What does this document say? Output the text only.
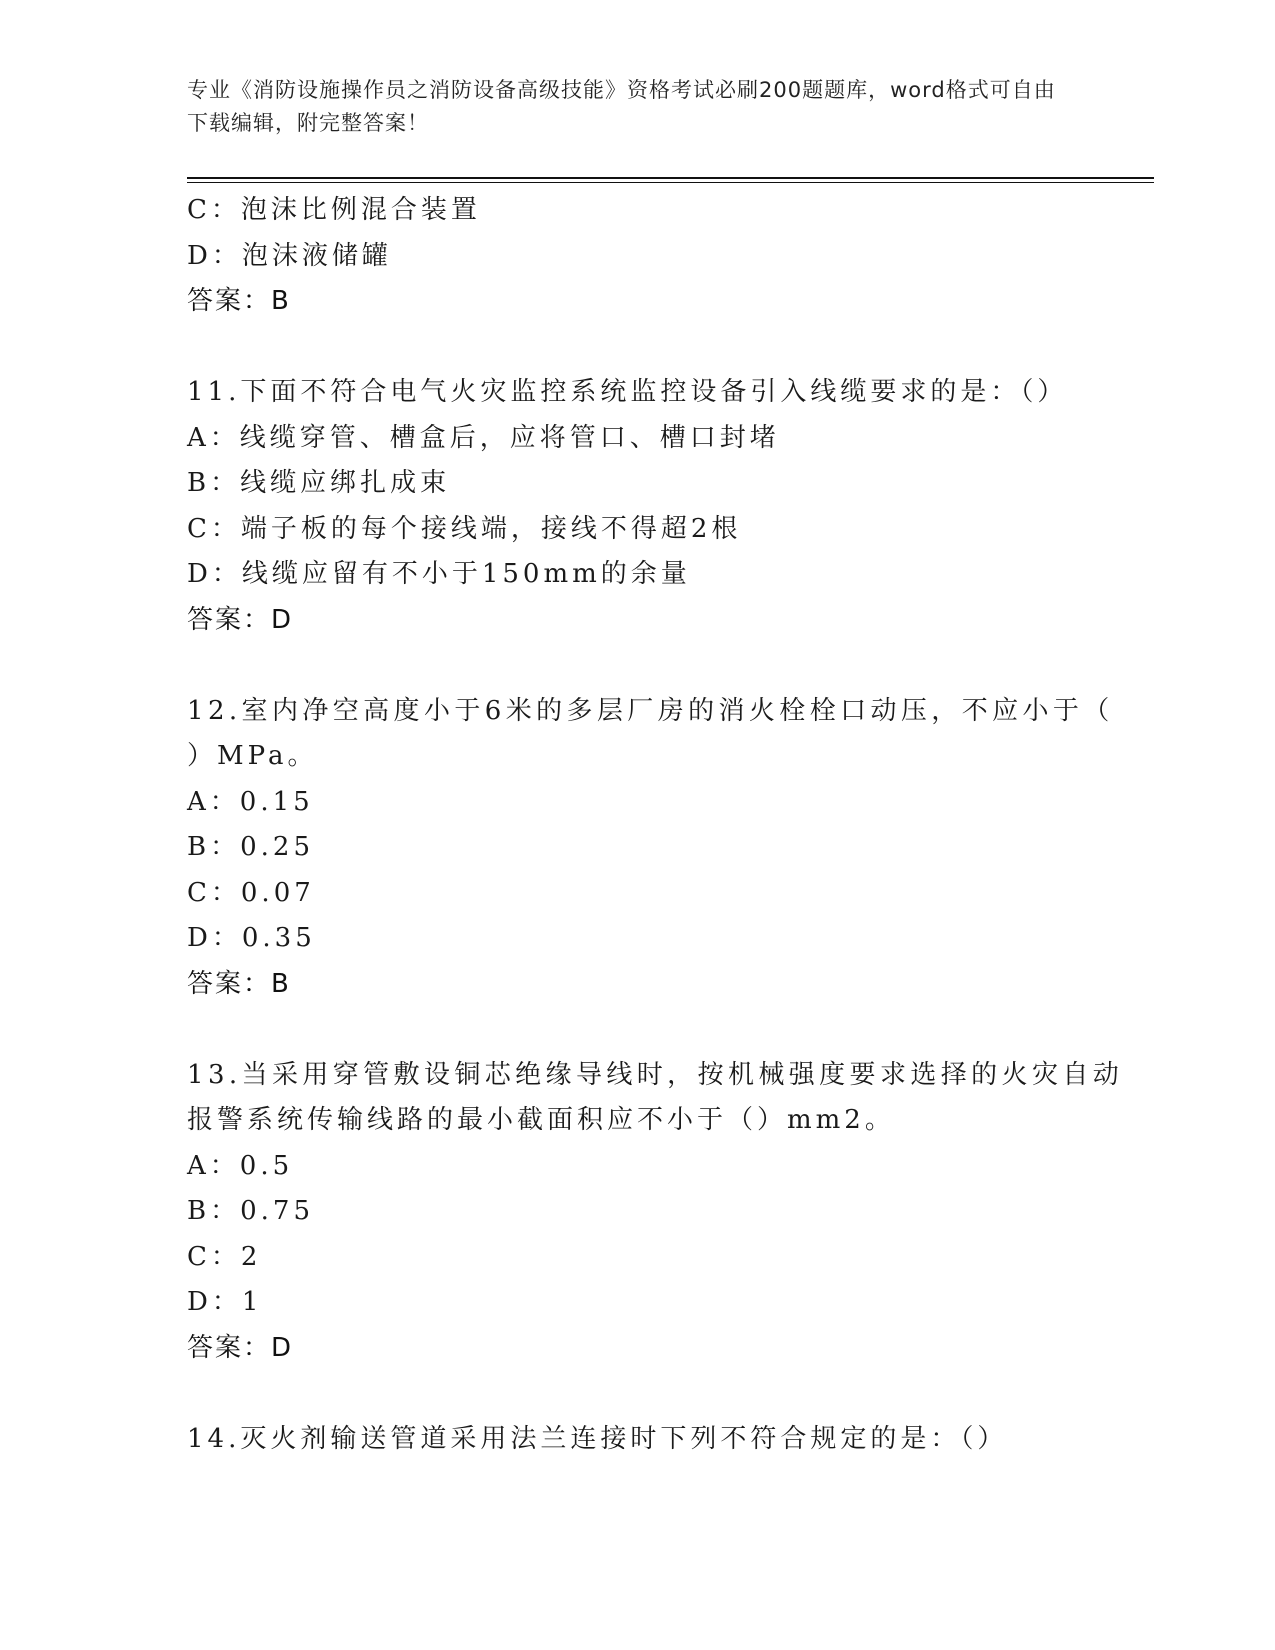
专业《消防设施操作员之消防设备高级技能》资格考试必刷200题题库，word格式可自由下载编辑，附完整答案！
C：泡沫比例混合装置
D：泡沫液储罐
答案：B
11.下面不符合电气火灾监控系统监控设备引入线缆要求的是：（）
A：线缆穿管、槽盒后，应将管口、槽口封堵
B：线缆应绑扎成束
C：端子板的每个接线端，接线不得超2根
D：线缆应留有不小于150mm的余量
答案：D
12.室内净空高度小于6米的多层厂房的消火栓栓口动压，不应小于（
）MPa。
A：0.15
B：0.25
C：0.07
D：0.35
答案：B
13.当采用穿管敷设铜芯绝缘导线时，按机械强度要求选择的火灾自动
报警系统传输线路的最小截面积应不小于（）mm2。
A：0.5
B：0.75
C：2
D：1
答案：D
14.灭火剂输送管道采用法兰连接时下列不符合规定的是：（）
